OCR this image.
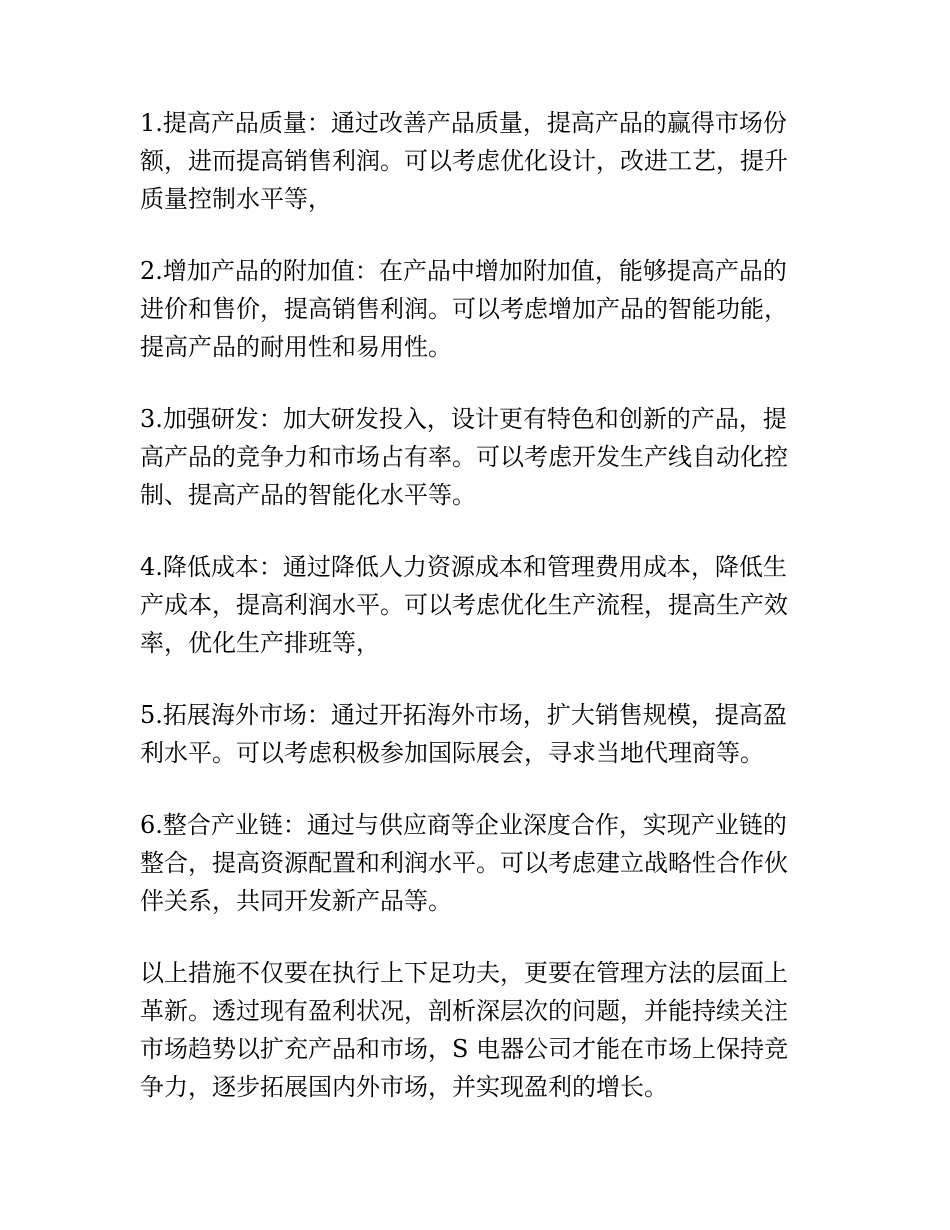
1.提高产品质量：通过改善产品质量，提高产品的赢得市场份
额，进而提高销售利润。可以考虑优化设计，改进工艺，提升
质量控制水平等，

2.增加产品的附加值：在产品中增加附加值，能够提高产品的
进价和售价，提高销售利润。可以考虑增加产品的智能功能，
提高产品的耐用性和易用性。

3.加强研发：加大研发投入，设计更有特色和创新的产品，提
高产品的竞争力和市场占有率。可以考虑开发生产线自动化控
制、提高产品的智能化水平等。

4.降低成本：通过降低人力资源成本和管理费用成本，降低生
产成本，提高利润水平。可以考虑优化生产流程，提高生产效
率，优化生产排班等，

5.拓展海外市场：通过开拓海外市场，扩大销售规模，提高盈
利水平。可以考虑积极参加国际展会，寻求当地代理商等。

6.整合产业链：通过与供应商等企业深度合作，实现产业链的
整合，提高资源配置和利润水平。可以考虑建立战略性合作伙
伴关系，共同开发新产品等。

以上措施不仅要在执行上下足功夫，更要在管理方法的层面上
革新。透过现有盈利状况，剖析深层次的问题，并能持续关注
市场趋势以扩充产品和市场，S 电器公司才能在市场上保持竞
争力，逐步拓展国内外市场，并实现盈利的增长。
